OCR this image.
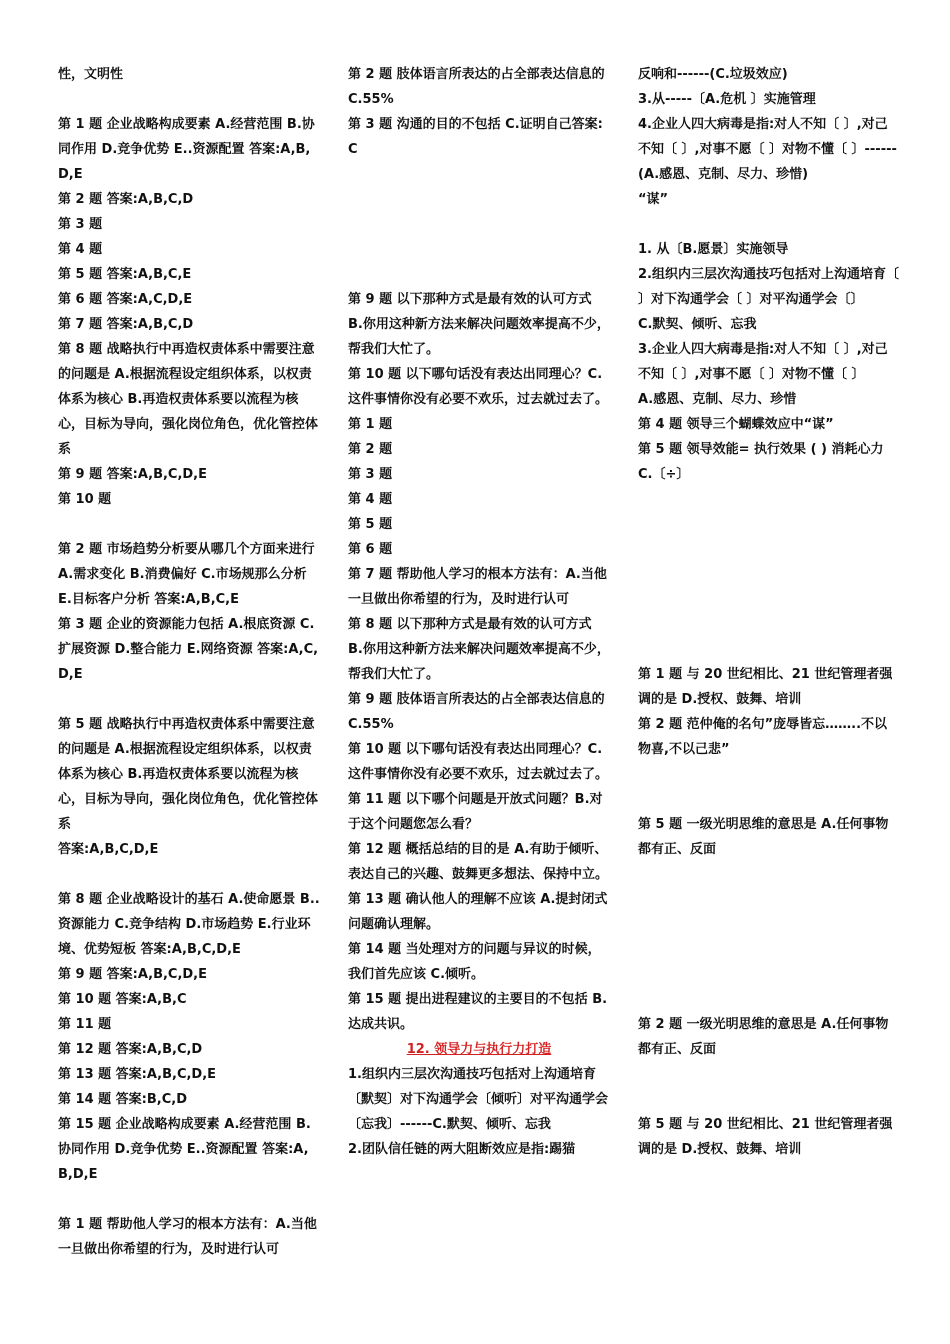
性，文明性

第 1 题 企业战略构成要素 A.经营范围 B.协同作用 D.竞争优势 E..资源配置 答案:A,B,D,E

第 2 题 答案:A,B,C,D

第 3 题

第 4 题

第 5 题 答案:A,B,C,E

第 6 题 答案:A,C,D,E

第 7 题 答案:A,B,C,D

第 8 题 战略执行中再造权责体系中需要注意的问题是 A.根据流程设定组织体系，以权责体系为核心 B.再造权责体系要以流程为核心，目标为导向，强化岗位角色，优化管控体系

第 9 题 答案:A,B,C,D,E

第 10 题

第 2 题 市场趋势分析要从哪几个方面来进行 A.需求变化 B.消费偏好 C.市场规那么分析 E.目标客户分析 答案:A,B,C,E

第 3 题 企业的资源能力包括 A.根底资源 C.扩展资源 D.整合能力 E.网络资源 答案:A,C,D,E

第 5 题 战略执行中再造权责体系中需要注意的问题是 A.根据流程设定组织体系，以权责体系为核心 B.再造权责体系要以流程为核心，目标为导向，强化岗位角色，优化管控体系

答案:A,B,C,D,E

第 8 题 企业战略设计的基石 A.使命愿景 B..资源能力 C.竞争结构 D.市场趋势 E.行业环境、优势短板 答案:A,B,C,D,E

第 9 题 答案:A,B,C,D,E

第 10 题 答案:A,B,C

第 11 题

第 12 题 答案:A,B,C,D

第 13 题 答案:A,B,C,D,E

第 14 题 答案:B,C,D

第 15 题 企业战略构成要素 A.经营范围 B.协同作用 D.竞争优势 E..资源配置 答案:A,B,D,E

第 1 题 帮助他人学习的根本方法有：A.当他一旦做出你希望的行为，及时进行认可

第 2 题 肢体语言所表达的占全部表达信息的 C.55%

第 3 题 沟通的目的不包括 C.证明自己答案:C

第 9 题 以下那种方式是最有效的认可方式 B.你用这种新方法来解决问题效率提高不少，帮我们大忙了。

第 10 题 以下哪句话没有表达出同理心？C.这件事情你没有必要不欢乐，过去就过去了。

第 1 题

第 2 题

第 3 题

第 4 题

第 5 题

第 6 题

第 7 题 帮助他人学习的根本方法有：A.当他一旦做出你希望的行为，及时进行认可

第 8 题 以下那种方式是最有效的认可方式 B.你用这种新方法来解决问题效率提高不少，帮我们大忙了。

第 9 题 肢体语言所表达的占全部表达信息的 C.55%

第 10 题 以下哪句话没有表达出同理心？C.这件事情你没有必要不欢乐，过去就过去了。

第 11 题 以下哪个问题是开放式问题？B.对于这个问题您怎么看？

第 12 题 概括总结的目的是 A.有助于倾听、表达自己的兴趣、鼓舞更多想法、保持中立。

第 13 题 确认他人的理解不应该 A.提封闭式问题确认理解。

第 14 题 当处理对方的问题与异议的时候，我们首先应该 C.倾听。

第 15 题 提出进程建议的主要目的不包括 B.达成共识。

12. 领导力与执行力打造

1.组织内三层次沟通技巧包括对上沟通培育〔默契〕对下沟通学会〔倾听〕对平沟通学会〔忘我〕------C.默契、倾听、忘我

2.团队信任链的两大阻断效应是指:踢猫

反响和------(C.垃圾效应)

3.从-----〔A.危机 〕实施管理

4.企业人四大病毒是指:对人不知〔 〕,对己不知〔 〕,对事不愿〔 〕对物不懂〔 〕------(A.感恩、克制、尽力、珍惜)

“谋”

1. 从〔B.愿景〕实施领导

2.组织内三层次沟通技巧包括对上沟通培育〔 〕对下沟通学会〔 〕对平沟通学会〔〕

C.默契、倾听、忘我

3.企业人四大病毒是指:对人不知〔 〕,对己不知〔 〕,对事不愿〔 〕对物不懂〔 〕

A.感恩、克制、尽力、珍惜

第 4 题 领导三个蝴蝶效应中“谋”

第 5 题 领导效能= 执行效果 ( ) 消耗心力 C.〔÷〕

第 1 题 与 20 世纪相比、21 世纪管理者强调的是 D.授权、鼓舞、培训

第 2 题 范仲俺的名句”庞辱皆忘……..不以物喜,不以己悲”

第 5 题 一级光明思维的意思是 A.任何事物都有正、反面

第 2 题 一级光明思维的意思是 A.任何事物都有正、反面

第 5 题 与 20 世纪相比、21 世纪管理者强调的是 D.授权、鼓舞、培训
